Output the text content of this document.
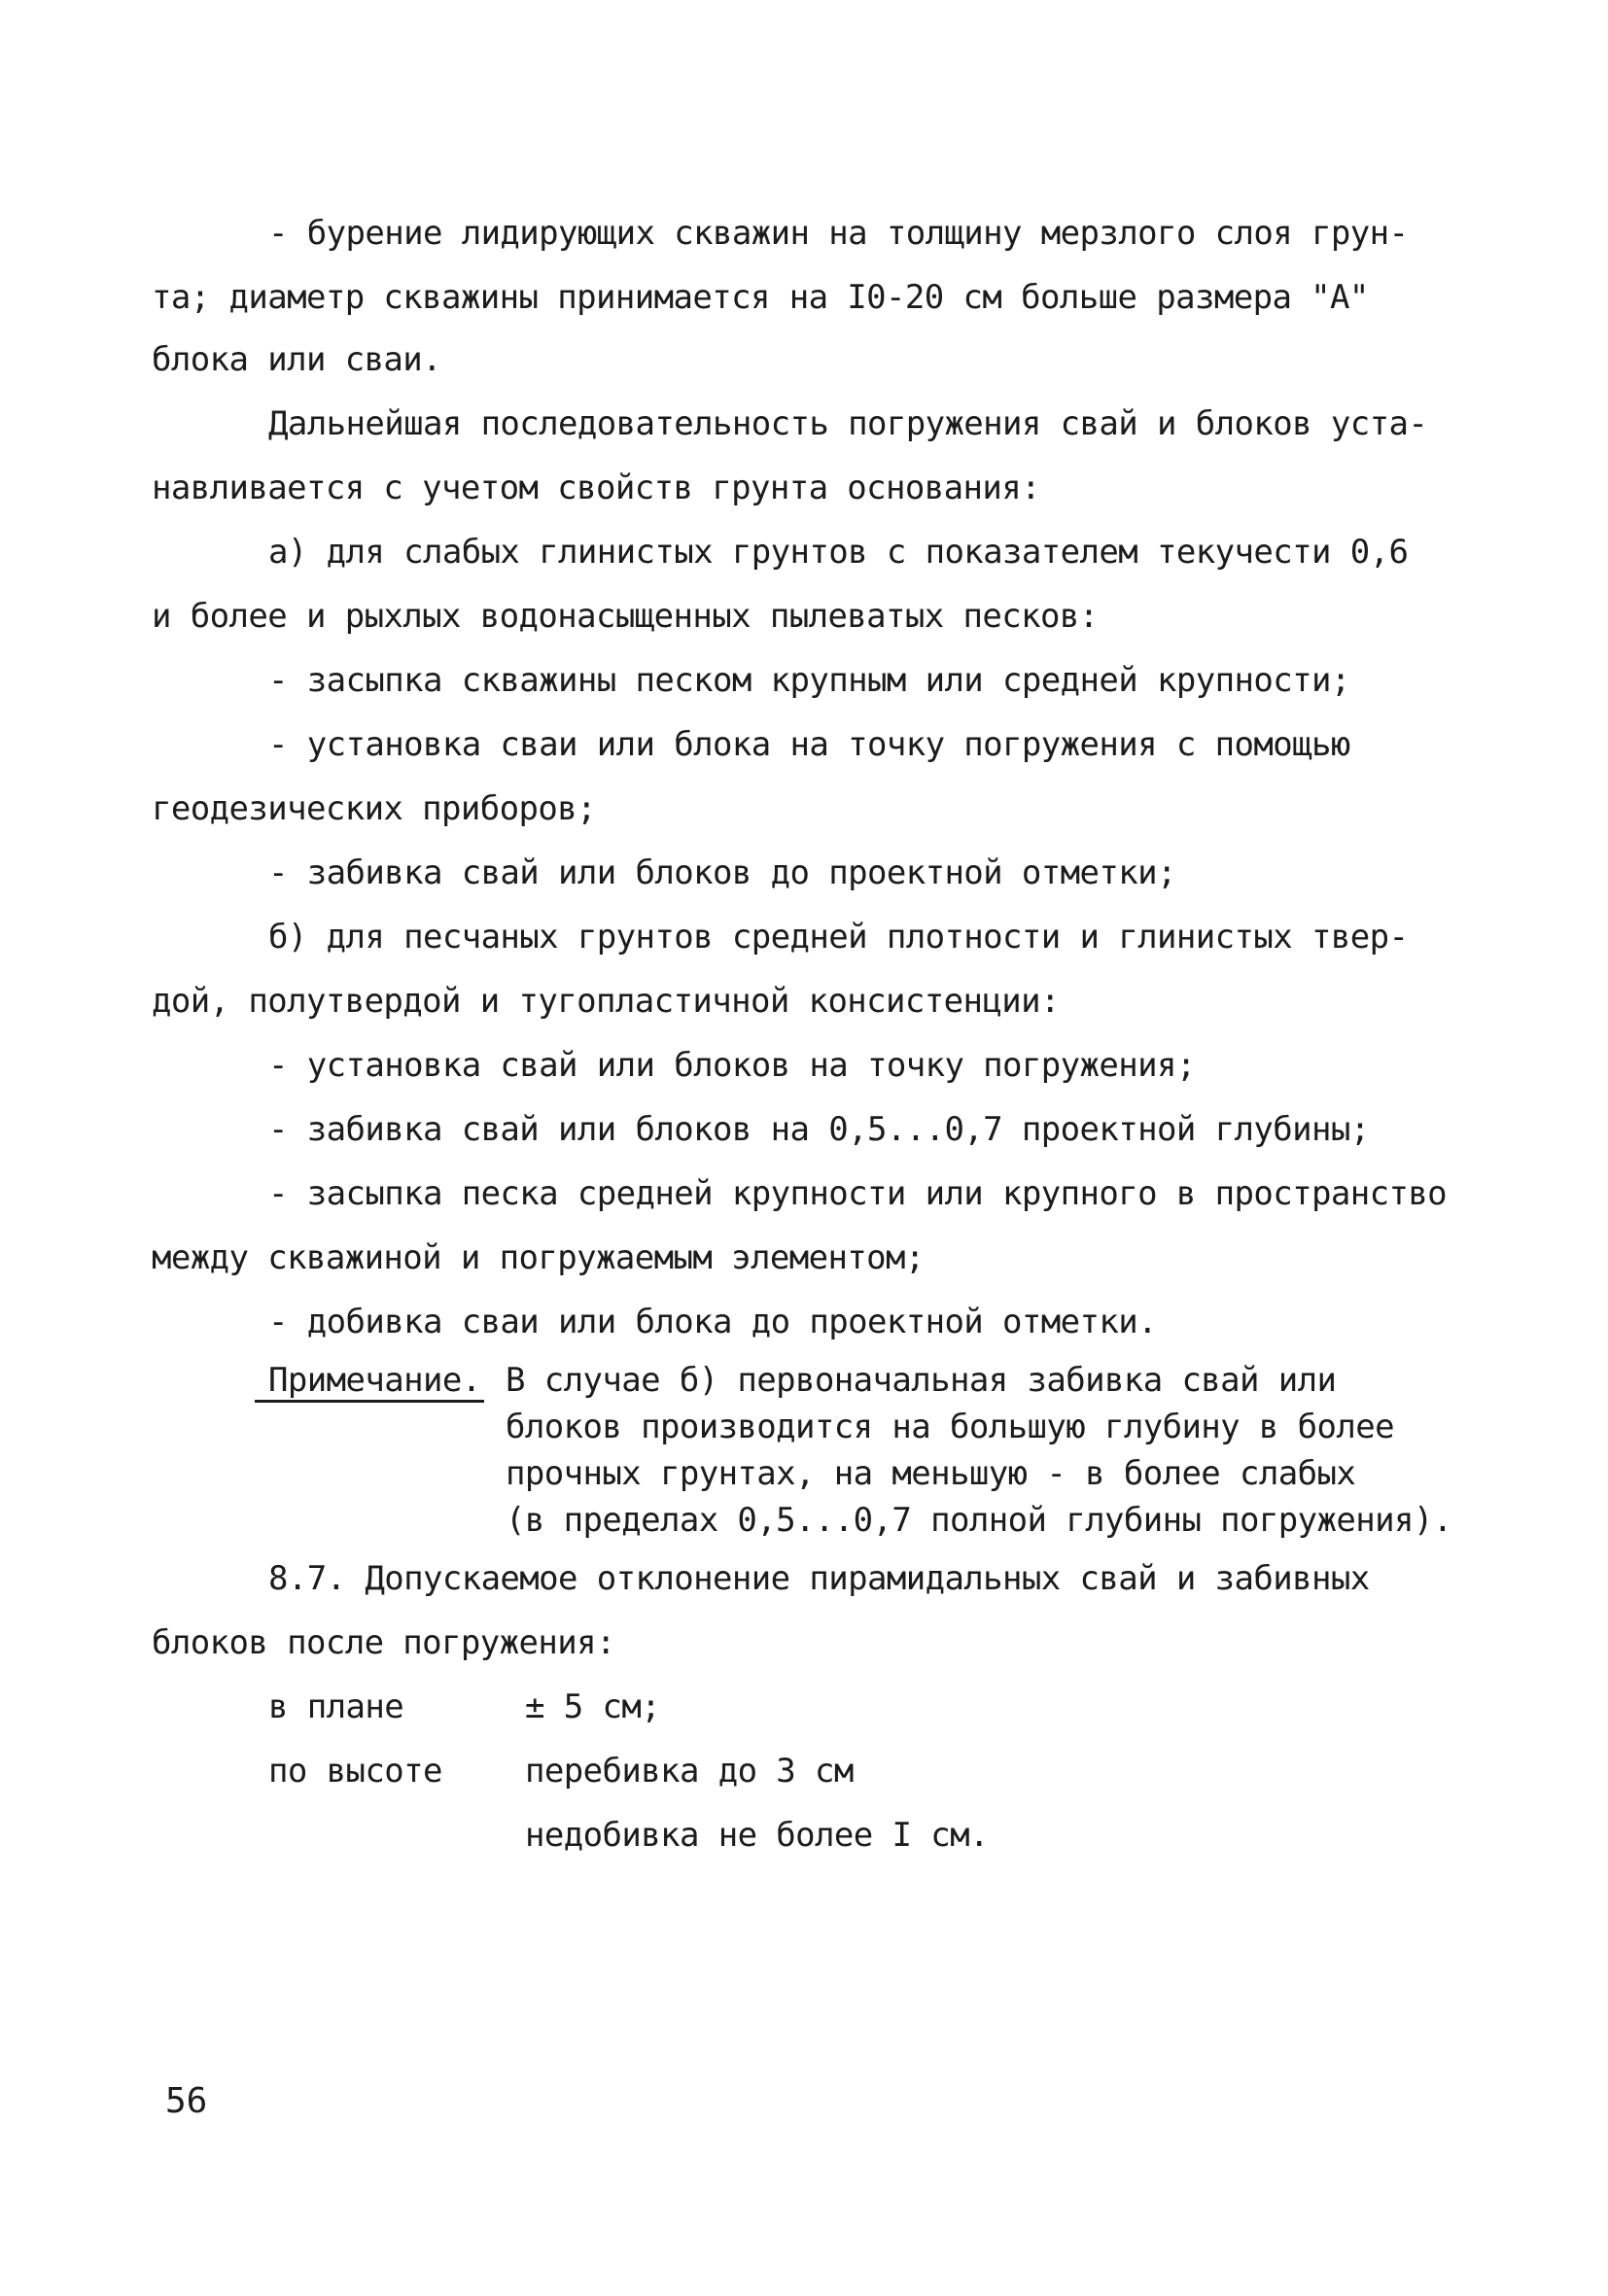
- бурение лидирующих скважин на толщину мерзлого слоя грун-
та; диаметр скважины принимается на I0-20 см больше размера "А"
блока или сваи.
Дальнейшая последовательность погружения свай и блоков уста-
навливается с учетом свойств грунта основания:
а) для слабых глинистых грунтов с показателем текучести 0,6
и более и рыхлых водонасыщенных пылеватых песков:
- засыпка скважины песком крупным или средней крупности;
- установка сваи или блока на точку погружения с помощью
геодезических приборов;
- забивка свай или блоков до проектной отметки;
б) для песчаных грунтов средней плотности и глинистых твер-
дой, полутвердой и тугопластичной консистенции:
- установка свай или блоков на точку погружения;
- забивка свай или блоков на 0,5...0,7 проектной глубины;
- засыпка песка средней крупности или крупного в пространство
между скважиной и погружаемым элементом;
- добивка сваи или блока до проектной отметки.
Примечание. В случае б) первоначальная забивка свай или
блоков производится на большую глубину в более
прочных грунтах, на меньшую - в более слабых
(в пределах 0,5...0,7 полной глубины погружения).
8.7. Допускаемое отклонение пирамидальных свай и забивных
блоков после погружения:
в плане	± 5 см;
по высоте	перебивка до 3 см
недобивка не более I см.
56
